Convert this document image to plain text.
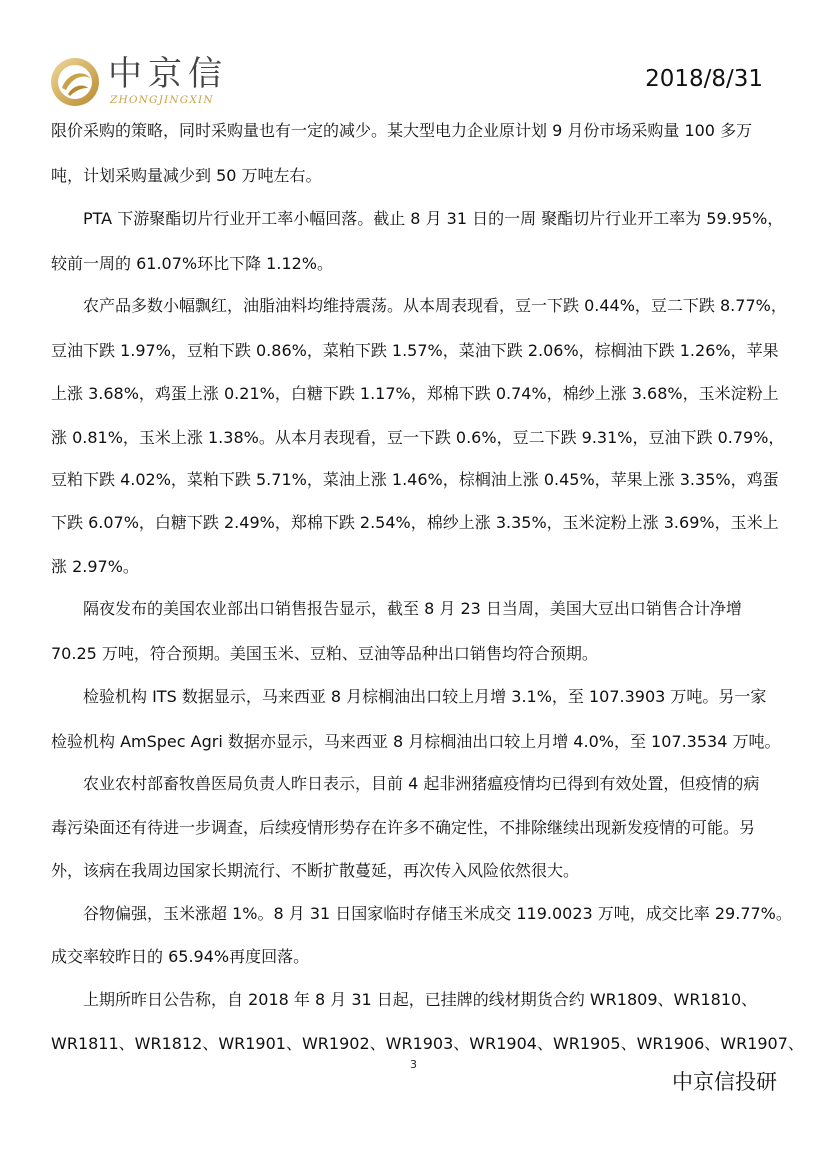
中京信
ZHONGJINGXIN
2018/8/31
限价采购的策略，同时采购量也有一定的减少。某大型电力企业原计划 9 月份市场采购量 100 多万
吨，计划采购量减少到 50 万吨左右。
PTA 下游聚酯切片行业开工率小幅回落。截止 8 月 31 日的一周 聚酯切片行业开工率为 59.95%，
较前一周的 61.07%环比下降 1.12%。
农产品多数小幅飘红，油脂油料均维持震荡。从本周表现看，豆一下跌 0.44%，豆二下跌 8.77%，
豆油下跌 1.97%，豆粕下跌 0.86%，菜粕下跌 1.57%，菜油下跌 2.06%，棕榈油下跌 1.26%，苹果
上涨 3.68%，鸡蛋上涨 0.21%，白糖下跌 1.17%，郑棉下跌 0.74%，棉纱上涨 3.68%，玉米淀粉上
涨 0.81%，玉米上涨 1.38%。从本月表现看，豆一下跌 0.6%，豆二下跌 9.31%，豆油下跌 0.79%，
豆粕下跌 4.02%，菜粕下跌 5.71%，菜油上涨 1.46%，棕榈油上涨 0.45%，苹果上涨 3.35%，鸡蛋
下跌 6.07%，白糖下跌 2.49%，郑棉下跌 2.54%，棉纱上涨 3.35%，玉米淀粉上涨 3.69%，玉米上
涨 2.97%。
隔夜发布的美国农业部出口销售报告显示，截至 8 月 23 日当周，美国大豆出口销售合计净增
70.25 万吨，符合预期。美国玉米、豆粕、豆油等品种出口销售均符合预期。
检验机构 ITS 数据显示，马来西亚 8 月棕榈油出口较上月增 3.1%，至 107.3903 万吨。另一家
检验机构 AmSpec Agri 数据亦显示，马来西亚 8 月棕榈油出口较上月增 4.0%，至 107.3534 万吨。
农业农村部畜牧兽医局负责人昨日表示，目前 4 起非洲猪瘟疫情均已得到有效处置，但疫情的病
毒污染面还有待进一步调查，后续疫情形势存在许多不确定性，不排除继续出现新发疫情的可能。另
外，该病在我周边国家长期流行、不断扩散蔓延，再次传入风险依然很大。
谷物偏强，玉米涨超 1%。8 月 31 日国家临时存储玉米成交 119.0023 万吨，成交比率 29.77%。
成交率较昨日的 65.94%再度回落。
上期所昨日公告称，自 2018 年 8 月 31 日起，已挂牌的线材期货合约 WR1809、WR1810、
WR1811、WR1812、WR1901、WR1902、WR1903、WR1904、WR1905、WR1906、WR1907、
3
中京信投研
